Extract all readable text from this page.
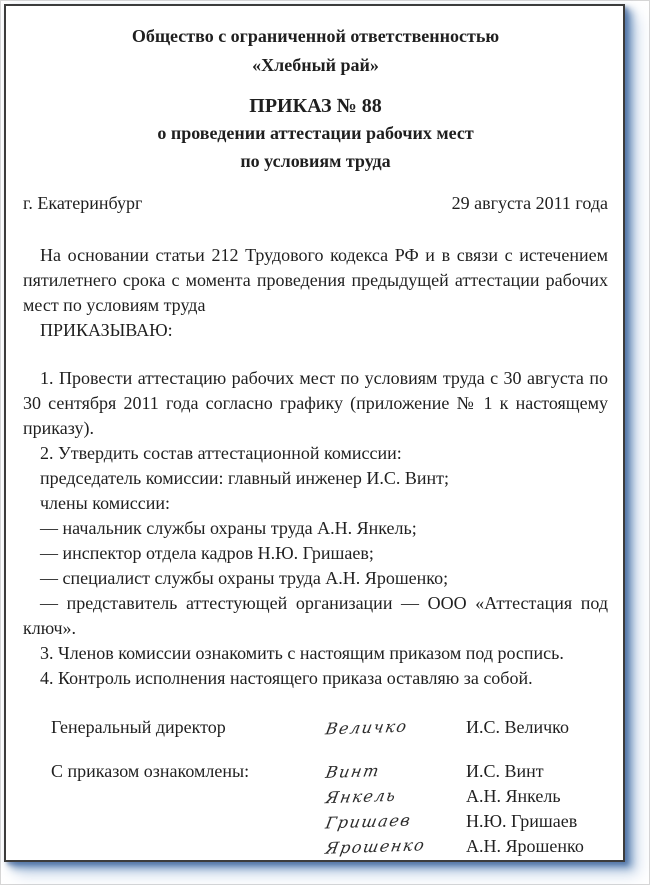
Общество с ограниченной ответственностью
«Хлебный рай»
ПРИКАЗ № 88
о проведении аттестации рабочих мест
по условиям труда
г. Екатеринбург	29 августа 2011 года

На основании статьи 212 Трудового кодекса РФ и в связи с истечением пятилетнего срока с момента проведения предыдущей аттестации рабочих мест по условиям труда

ПРИКАЗЫВАЮ:

1. Провести аттестацию рабочих мест по условиям труда с 30 августа по 30 сентября 2011 года согласно графику (приложение № 1 к настоящему приказу).

2. Утвердить состав аттестационной комиссии:

председатель комиссии: главный инженер И.С. Винт;

члены комиссии:

— начальник службы охраны труда А.Н. Янкель;

— инспектор отдела кадров Н.Ю. Гришаев;

— специалист службы охраны труда А.Н. Ярошенко;

— представитель аттестующей организации — ООО «Аттестация под ключ».

3. Членов комиссии ознакомить с настоящим приказом под роспись.

4. Контроль исполнения настоящего приказа оставляю за собой.

Генеральный директор	Величко	И.С. Величко
С приказом ознакомлены:	Винт	И.С. Винт
Янкель	А.Н. Янкель
Гришаев	Н.Ю. Гришаев
Ярошенко	А.Н. Ярошенко
